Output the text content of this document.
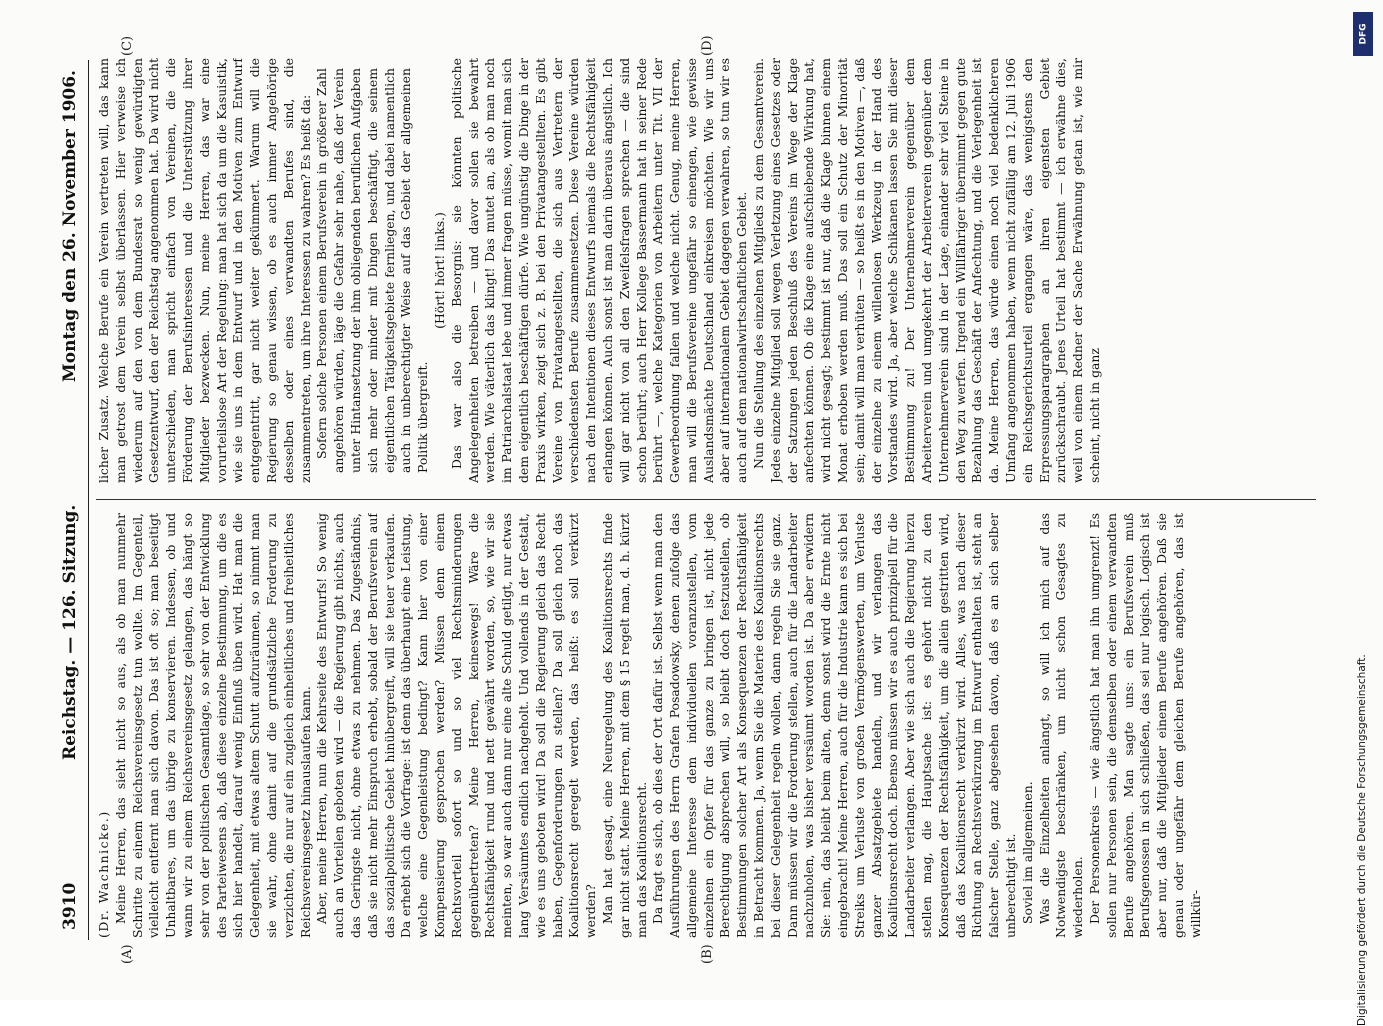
3910
Reichstag. — 126. Sitzung.
Montag den 26. November 1906.
(A)	(B)
(C)	(D)

(Dr. Wachnicke.) Meine Herren, das sieht nicht so aus, als ob man nunmehr Schritte zu einem Reichsvereinsgesetz tun wollte. Im Gegenteil, vielleicht entfernt man sich davon. Das ist oft so; man beseitigt Unhaltbares, um das übrige zu konservieren. Indessen, ob und wann wir zu einem Reichsvereinsgesetz gelangen, das hängt so sehr von der politischen Gesamtlage, so sehr von der Entwicklung des Parteiwesens ab, daß diese einzelne Bestimmung, um die es sich hier handelt, darauf wenig Einfluß üben wird. Hat man die Gelegenheit, mit etwas altem Schutt aufzuräumen, so nimmt man sie wahr, ohne damit auf die grundsätzliche Forderung zu verzichten, die nur auf ein zugleich einheitliches und freiheitliches Reichsvereinsgesetz hinauslaufen kann. Aber, meine Herren, nun die Kehrseite des Entwurfs! So wenig auch an Vorteilen geboten wird — die Regierung gibt nichts, auch das Geringste nicht, ohne etwas zu nehmen. Das Zugeständnis, daß sie nicht mehr Einspruch erhebt, sobald der Berufsverein auf das sozialpolitische Gebiet hinübergreift, will sie teuer verkaufen. Da erhebt sich die Vorfrage: ist denn das überhaupt eine Leistung, welche eine Gegenleistung bedingt? Kann hier von einer Kompensierung gesprochen werden? Müssen denn einem Rechtsvorteil sofort so und so viel Rechtsminderungen gegenübertreten? Meine Herren, keineswegs! Wäre die Rechtsfähigkeit rund und nett gewährt worden, so, wie wir sie meinten, so war auch dann nur eine alte Schuld getilgt, nur etwas lang Versäumtes endlich nachgeholt. Und vollends in der Gestalt, wie es uns geboten wird! Da soll die Regierung gleich das Recht haben, Gegenforderungen zu stellen? Da soll gleich noch das Koalitionsrecht geregelt werden, das heißt: es soll verkürzt werden? Man hat gesagt, eine Neuregelung des Koalitionsrechts finde gar nicht statt. Meine Herren, mit dem § 15 regelt man, d. h. kürzt man das Koalitionsrecht. Da fragt es sich, ob dies der Ort dafür ist. Selbst wenn man den Ausführungen des Herrn Grafen Posadowsky, denen zufolge das allgemeine Interesse dem individuellen voranzustellen, vom einzelnen ein Opfer für das ganze zu bringen ist, nicht jede Berechtigung absprechen will, so bleibt doch festzustellen, ob Bestimmungen solcher Art als Konsequenzen der Rechtsfähigkeit in Betracht kommen. Ja, wenn Sie die Materie des Koalitionsrechts bei dieser Gelegenheit regeln wollen, dann regeln Sie sie ganz. Dann müssen wir die Forderung stellen, auch für die Landarbeiter nachzuholen, was bisher versäumt worden ist. Da aber erwidern Sie: nein, das bleibt beim alten, denn sonst wird die Ernte nicht eingebracht! Meine Herren, auch für die Industrie kann es sich bei Streiks um Verluste von großen Vermögenswerten, um Verluste ganzer Absatzgebiete handeln, und wir verlangen das Koalitionsrecht doch. Ebenso müssen wir es auch prinzipiell für die Landarbeiter verlangen. Aber wie sich auch die Regierung hierzu stellen mag, die Hauptsache ist: es gehört nicht zu den Konsequenzen der Rechtsfähigkeit, um die allein gestritten wird, daß das Koalitionsrecht verkürzt wird. Alles, was nach dieser Richtung an Rechtsverkürzung im Entwurf enthalten ist, steht an falscher Stelle, ganz abgesehen davon, daß es an sich selber unberechtigt ist. Soviel im allgemeinen. Was die Einzelheiten anlangt, so will ich mich auf das Notwendigste beschränken, um nicht schon Gesagtes zu wiederholen. Der Personenkreis — wie ängstlich hat man ihn umgrenzt! Es sollen nur Personen sein, die demselben oder einem verwandten Berufe angehören. Man sagte uns: ein Berufsverein muß Berufsgenossen in sich schließen, das sei nur logisch. Logisch ist aber nur, daß die Mitglieder einem Berufe angehören. Daß sie genau oder ungefähr dem gleichen Berufe angehören, das ist willkür-

licher Zusatz. Welche Berufe ein Verein vertreten will, das kann man getrost dem Verein selbst überlassen. Hier verweise ich wiederum auf den von dem Bundesrat so wenig gewürdigten Gesetzentwurf, den der Reichstag angenommen hat. Da wird nicht unterschieden, man spricht einfach von Vereinen, die die Förderung der Berufsinteressen und die Unterstützung ihrer Mitglieder bezwecken. Nun, meine Herren, das war eine vorurteilslose Art der Regelung: man hat sich da um die Kasuistik, wie sie uns in dem Entwurf und in den Motiven zum Entwurf entgegentritt, gar nicht weiter gekümmert. Warum will die Regierung so genau wissen, ob es auch immer Angehörige desselben oder eines verwandten Berufes sind, die zusammentreten, um ihre Interessen zu wahren? Es heißt da: Sofern solche Personen einem Berufsverein in größerer Zahl angehören würden, läge die Gefahr sehr nahe, daß der Verein unter Hintansetzung der ihm obliegenden beruflichen Aufgaben sich mehr oder minder mit Dingen beschäftigt, die seinem eigentlichen Tätigkeitsgebiete fernliegen, und dabei namentlich auch in unberechtigter Weise auf das Gebiet der allgemeinen Politik übergreift.

(Hört! hört! links.) Das war also die Besorgnis: sie könnten politische Angelegenheiten betreiben — und davor sollen sie bewahrt werden. Wie väterlich das klingt! Das mutet an, als ob man noch im Patriarchalstaat lebe und immer fragen müsse, womit man sich dem eigentlich beschäftigen dürfe. Wie ungünstig die Dinge in der Praxis wirken, zeigt sich z. B. bei den Privatangestellten. Es gibt Vereine von Privatangestellten, die sich aus Vertretern der verschiedensten Berufe zusammensetzen. Diese Vereine würden nach den Intentionen dieses Entwurfs niemals die Rechtsfähigkeit erlangen können. Auch sonst ist man darin überaus ängstlich. Ich will gar nicht von all den Zweifelsfragen sprechen — die sind schon berührt; auch Herr Kollege Bassermann hat in seiner Rede berührt —, welche Kategorien von Arbeitern unter Tit. VII der Gewerbeordnung fallen und welche nicht. Genug, meine Herren, man will die Berufsvereine ungefähr so einengen, wie gewisse Auslandsmächte Deutschland einkreisen möchten. Wie wir uns aber auf internationalem Gebiet dagegen verwahren, so tun wir es auch auf dem nationalwirtschaftlichen Gebiet. Nun die Stellung des einzelnen Mitglieds zu dem Gesamtverein. Jedes einzelne Mitglied soll wegen Verletzung eines Gesetzes oder der Satzungen jeden Beschluß des Vereins im Wege der Klage anfechten können. Ob die Klage eine aufschiebende Wirkung hat, wird nicht gesagt; bestimmt ist nur, daß die Klage binnen einem Monat erhoben werden muß. Das soll ein Schutz der Minorität sein; damit will man verhüten — so heißt es in den Motiven —, daß der einzelne zu einem willenlosen Werkzeug in der Hand des Vorstandes wird. Ja, aber welche Schikanen lassen Sie mit dieser Bestimmung zu! Der Unternehmerverein gegenüber dem Arbeiterverein und umgekehrt der Arbeiterverein gegenüber dem Unternehmerverein sind in der Lage, einander sehr viel Steine in den Weg zu werfen. Irgend ein Willfähriger übernimmt gegen gute Bezahlung das Geschäft der Anfechtung, und die Verlegenheit ist da. Meine Herren, das würde einen noch viel bedenklicheren Umfang angenommen haben, wenn nicht zufällig am 12. Juli 1906 ein Reichsgerichtsurteil ergangen wäre, das wenigstens den Erpressungsparagraphen an ihren eigensten Gebiet zurückschraubt. Jenes Urteil hat bestimmt — ich erwähne dies, weil von einem Redner der Sache Erwähnung getan ist, wie mir scheint, nicht in ganz

DFG
Digitalisierung gefördert durch die Deutsche Forschungsgemeinschaft.
